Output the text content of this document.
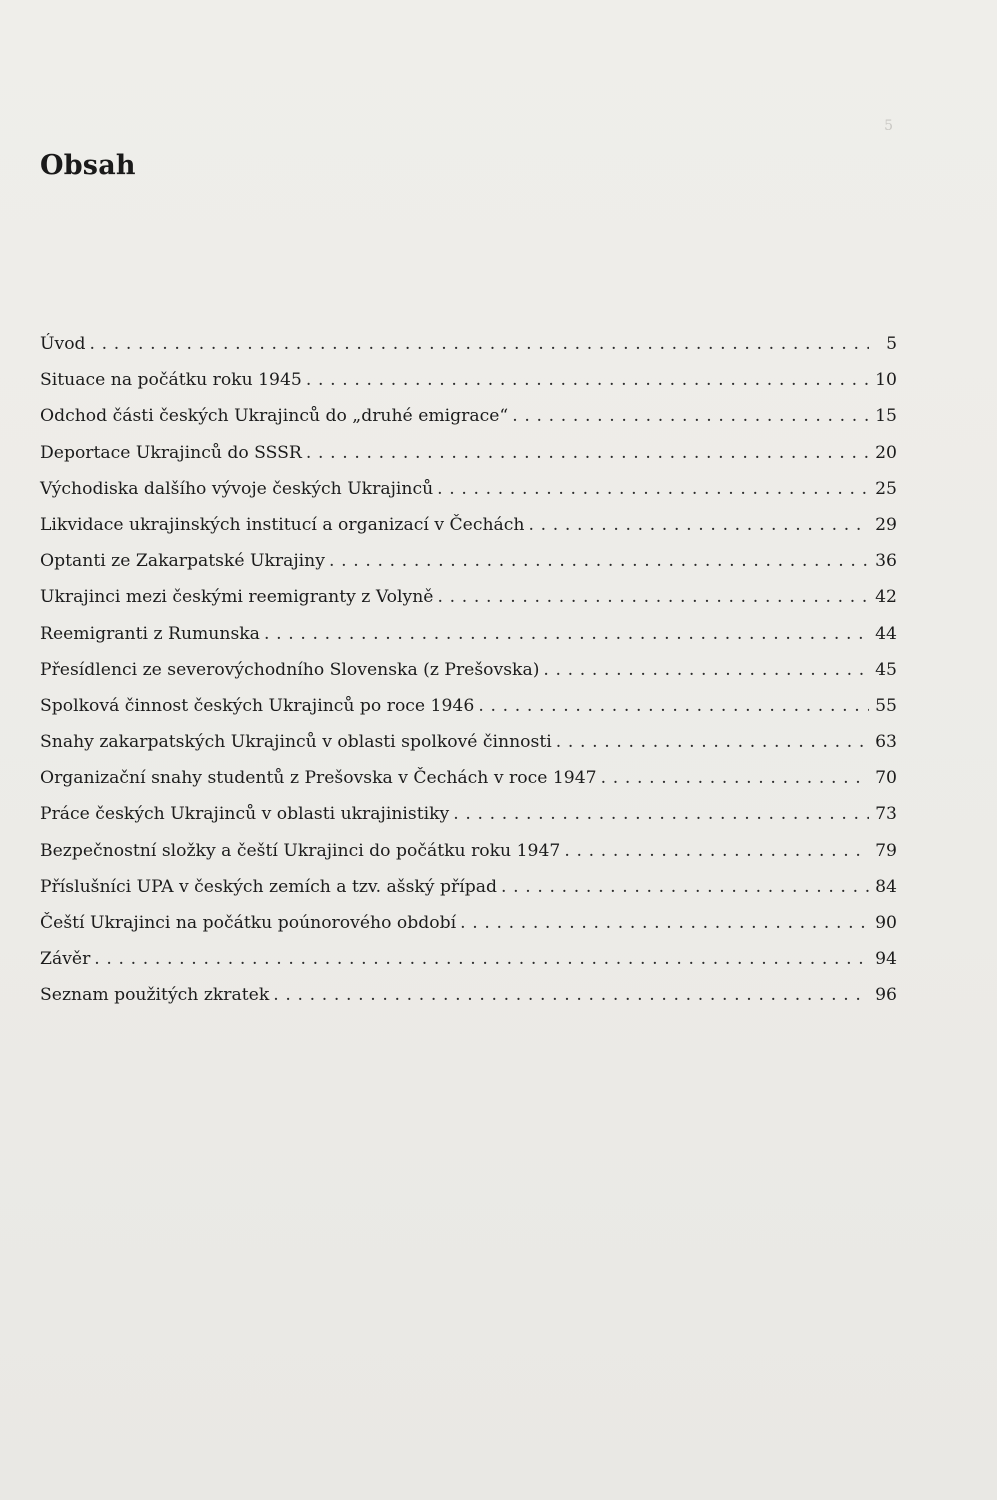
5
Obsah
Úvod . . .	5
Situace na počátku roku 1945 . . .	10
Odchod části českých Ukrajinců do „druhé emigrace“ . . .	15
Deportace Ukrajinců do SSSR . . .	20
Východiska dalšího vývoje českých Ukrajinců . . .	25
Likvidace ukrajinských institucí a organizací v Čechách . . .	29
Optanti ze Zakarpatské Ukrajiny . . .	36
Ukrajinci mezi českými reemigranty z Volyně . . .	42
Reemigranti z Rumunska . . .	44
Přesídlenci ze severovýchodního Slovenska (z Prešovska) . . .	45
Spolková činnost českých Ukrajinců po roce 1946 . . .	55
Snahy zakarpatských Ukrajinců v oblasti spolkové činnosti . . .	63
Organizační snahy studentů z Prešovska v Čechách v roce 1947 . . .	70
Práce českých Ukrajinců v oblasti ukrajinistiky . . .	73
Bezpečnostní složky a čeští Ukrajinci do počátku roku 1947 . . .	79
Příslušníci UPA v českých zemích a tzv. ašský případ . . .	84
Čeští Ukrajinci na počátku poúnorového období . . .	90
Závěr . . .	94
Seznam použitých zkratek . . .	96
